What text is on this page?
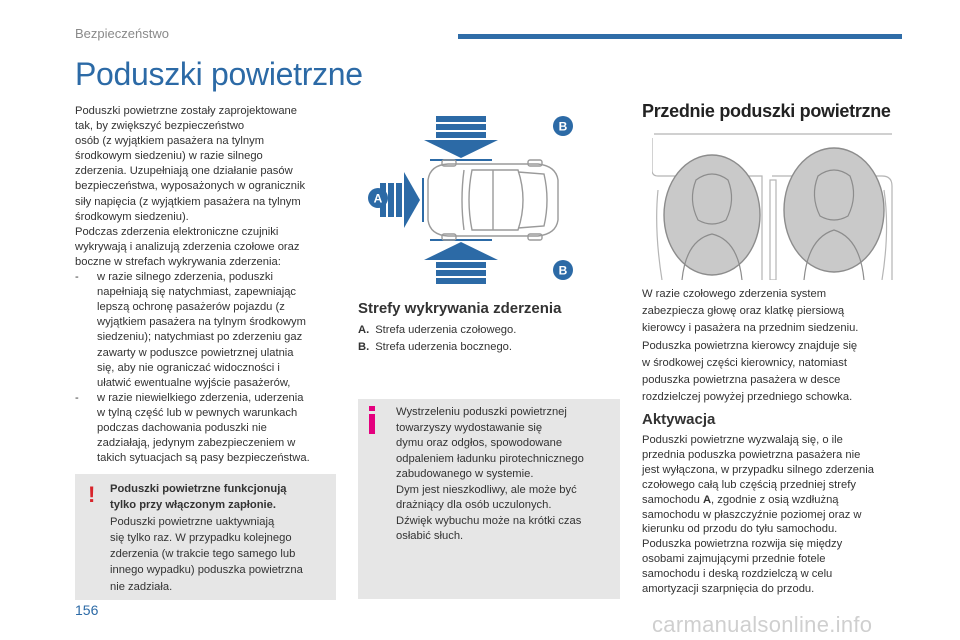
Bezpieczeństwo
Poduszki powietrzne

Poduszki powietrzne zostały zaprojektowane
tak, by zwiększyć bezpieczeństwo
osób (z wyjątkiem pasażera na tylnym
środkowym siedzeniu) w razie silnego
zderzenia. Uzupełniają one działanie pasów
bezpieczeństwa, wyposażonych w ogranicznik
siły napięcia (z wyjątkiem pasażera na tylnym
środkowym siedzeniu).

Podczas zderzenia elektroniczne czujniki
wykrywają i analizują zderzenia czołowe oraz
boczne w strefach wykrywania zderzenia:

-	w razie silnego zderzenia, poduszki
napełniają się natychmiast, zapewniając
lepszą ochronę pasażerów pojazdu (z
wyjątkiem pasażera na tylnym środkowym
siedzeniu); natychmiast po zderzeniu gaz
zawarty w poduszce powietrznej ulatnia
się, aby nie ograniczać widoczności i
ułatwić ewentualne wyjście pasażerów,

-	w razie niewielkiego zderzenia, uderzenia
w tylną część lub w pewnych warunkach
podczas dachowania poduszki nie
zadziałają, jedynym zabezpieczeniem w
takich sytuacjach są pasy bezpieczeństwa.

!	Poduszki powietrzne funkcjonują
tylko przy włączonym zapłonie.

Poduszki powietrzne uaktywniają
się tylko raz. W przypadku kolejnego
zderzenia (w trakcie tego samego lub
innego wypadku) poduszka powietrzna
nie zadziała.

B
A
B
Strefy wykrywania zderzenia
A. Strefa uderzenia czołowego.
B. Strefa uderzenia bocznego.

Wystrzeleniu poduszki powietrznej
towarzyszy wydostawanie się
dymu oraz odgłos, spowodowane
odpaleniem ładunku pirotechnicznego
zabudowanego w systemie.

Dym jest nieszkodliwy, ale może być
drażniący dla osób uczulonych.

Dźwięk wybuchu może na krótki czas
osłabić słuch.

Przednie poduszki powietrzne

W razie czołowego zderzenia system
zabezpiecza głowę oraz klatkę piersiową
kierowcy i pasażera na przednim siedzeniu.
Poduszka powietrzna kierowcy znajduje się
w środkowej części kierownicy, natomiast
poduszka powietrzna pasażera w desce
rozdzielczej powyżej przedniego schowka.

Aktywacja

Poduszki powietrzne wyzwalają się, o ile
przednia poduszka powietrzna pasażera nie
jest wyłączona, w przypadku silnego zderzenia
czołowego całą lub częścią przedniej strefy
samochodu A, zgodnie z osią wzdłużną
samochodu w płaszczyźnie poziomej oraz w
kierunku od przodu do tyłu samochodu.
Poduszka powietrzna rozwija się między
osobami zajmującymi przednie fotele
samochodu i deską rozdzielczą w celu
amortyzacji szarpnięcia do przodu.

156
carmanualsonline.info
